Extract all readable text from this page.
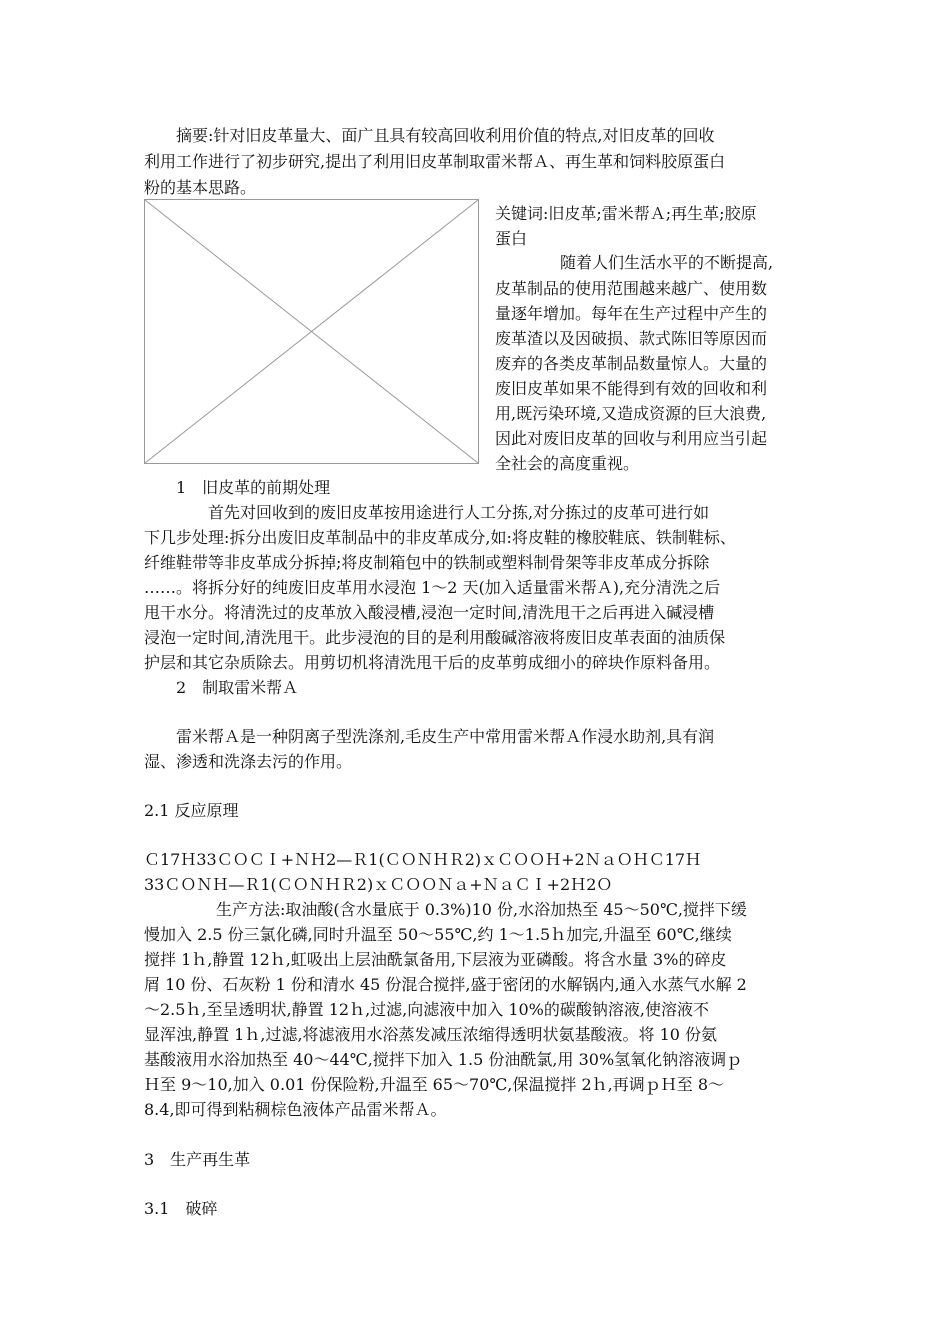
摘要:针对旧皮革量大、面广且具有较高回收利用价值的特点,对旧皮革的回收
利用工作进行了初步研究,提出了利用旧皮革制取雷米帮Ａ、再生革和饲料胶原蛋白
粉的基本思路。
关键词:旧皮革;雷米帮Ａ;再生革;胶原
蛋白
随着人们生活水平的不断提高,
皮革制品的使用范围越来越广、使用数
量逐年增加。每年在生产过程中产生的
废革渣以及因破损、款式陈旧等原因而
废弃的各类皮革制品数量惊人。大量的
废旧皮革如果不能得到有效的回收和利
用,既污染环境,又造成资源的巨大浪费,
因此对废旧皮革的回收与利用应当引起
全社会的高度重视。
1　旧皮革的前期处理
首先对回收到的废旧皮革按用途进行人工分拣,对分拣过的皮革可进行如
下几步处理:拆分出废旧皮革制品中的非皮革成分,如:将皮鞋的橡胶鞋底、铁制鞋标、
纤维鞋带等非皮革成分拆掉;将皮制箱包中的铁制或塑料制骨架等非皮革成分拆除
……。将拆分好的纯废旧皮革用水浸泡 1～2 天(加入适量雷米帮Ａ),充分清洗之后
甩干水分。将清洗过的皮革放入酸浸槽,浸泡一定时间,清洗甩干之后再进入碱浸槽
浸泡一定时间,清洗甩干。此步浸泡的目的是利用酸碱溶液将废旧皮革表面的油质保
护层和其它杂质除去。用剪切机将清洗甩干后的皮革剪成细小的碎块作原料备用。
2　制取雷米帮Ａ
雷米帮Ａ是一种阴离子型洗涤剂,毛皮生产中常用雷米帮Ａ作浸水助剂,具有润
湿、渗透和洗涤去污的作用。
2.1 反应原理
Ｃ17Ｈ33ＣＯＣＩ+ＮＨ2—Ｒ1(ＣＯＮＨＲ2)ｘＣＯＯＨ+2ＮａＯＨＣ17Ｈ
33ＣＯＮＨ—Ｒ1(ＣＯＮＨＲ2)ｘＣＯＯＮａ+ＮａＣＩ+2Ｈ2Ｏ
生产方法:取油酸(含水量底于 0.3%)10 份,水浴加热至 45～50℃,搅拌下缓
慢加入 2.5 份三氯化磷,同时升温至 50～55℃,约 1～1.5ｈ加完,升温至 60℃,继续
搅拌 1ｈ,静置 12ｈ,虹吸出上层油酰氯备用,下层液为亚磷酸。将含水量 3%的碎皮
屑 10 份、石灰粉 1 份和清水 45 份混合搅拌,盛于密闭的水解锅内,通入水蒸气水解 2
～2.5ｈ,至呈透明状,静置 12ｈ,过滤,向滤液中加入 10%的碳酸钠溶液,使溶液不
显浑浊,静置 1ｈ,过滤,将滤液用水浴蒸发减压浓缩得透明状氨基酸液。将 10 份氨
基酸液用水浴加热至 40～44℃,搅拌下加入 1.5 份油酰氯,用 30%氢氧化钠溶液调ｐ
Ｈ至 9～10,加入 0.01 份保险粉,升温至 65～70℃,保温搅拌 2ｈ,再调ｐＨ至 8～
8.4,即可得到粘稠棕色液体产品雷米帮Ａ。
3　生产再生革
3.1　破碎
